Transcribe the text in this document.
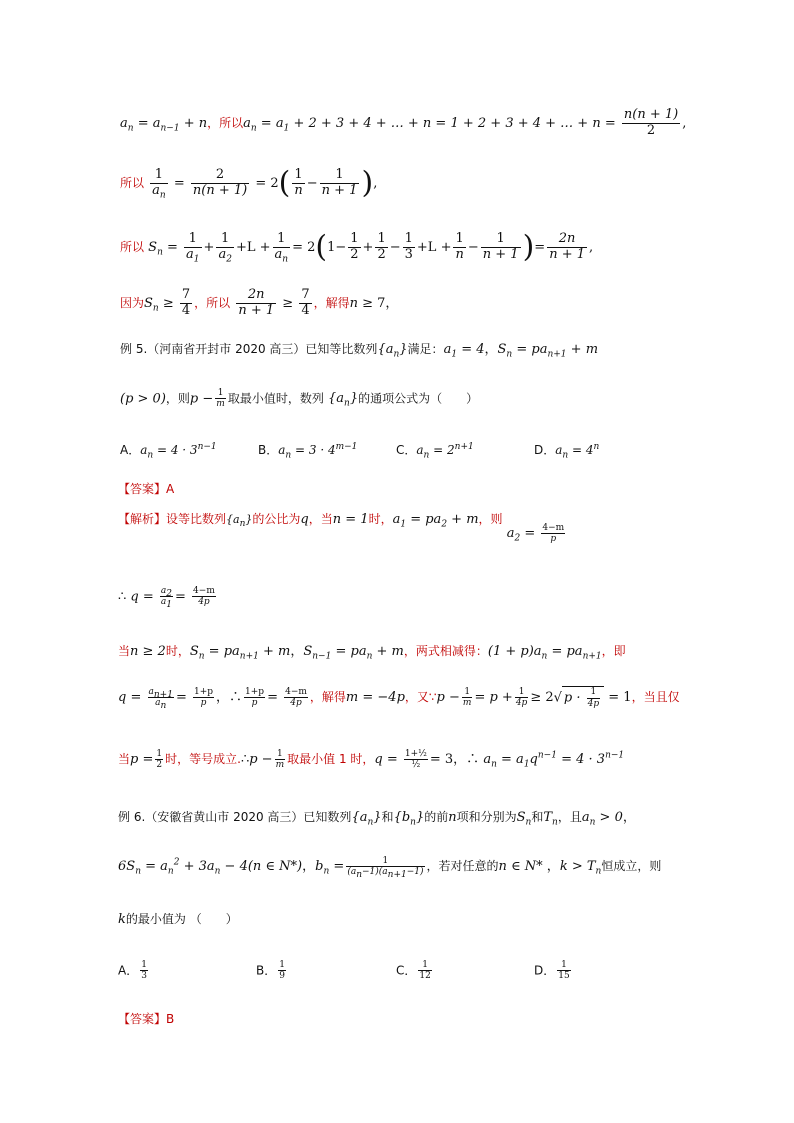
$a_n = a_{n-1} + n$，所以$a_n = a_1 + 2 + 3 + 4$ + … + n = 1 + 2 + 3 + 4 + … + $n = \frac{n(n + 1)}{2}$ ,
所以 $\frac{1}{a_n} = \frac{2}{n(n + 1)} = 2( \frac{1}{n} - \frac{1}{n + 1}$ ),
所以 $S_n = \frac{1}{a_1} + \frac{1}{a_2} +L + \frac{1}{a_n} = 2(1- \frac{1}{2} + \frac{1}{2} - \frac{1}{3} +L + \frac{1}{n} - \frac{1}{n + 1}$ )= $\frac{2n}{n + 1}$ ,
因为$S_n \ge \frac{7}{4}$ ，所以 $\frac{2n}{n + 1} \ge \frac{7}{4}$ ，解得n ≥ 7，
例 5.（河南省开封市 2020 高三）已知等比数列$\{a_n\}$满足：$a_1 = 4$，$S_n = pa_{n+1} + m$
(p > 0)，则$p - \frac{1}{m}$ 取最小值时，数列 $\{a_n\}$的通项公式为（　　）
A．$a_n = 4 \cdot 3^{n-1}$	B．$a_n = 3 \cdot 4^{m-1}$	C．$a_n = 2^{n+1}$	D．$a_n = 4^n$
【答案】A
【解析】设等比数列$\{a_n\}$的公比为q，当n = 1时，$a_1 = pa_2 + m$，则 $a_2 = \frac{4-m}{p}$
∴ $q = \frac{a_2}{a_1} = \frac{4-m}{4p}$
当n ≥ 2时，$S_n = pa_{n+1} + m$，$S_{n-1} = pa_n + m$，两式相减得：$(1 + p)a_n = pa_{n+1}$，即
$q = \frac{a_{n+1}}{a_n} = \frac{1+p}{p}$ ，∴ $\frac{1+p}{p} = \frac{4-m}{4p}$ ，解得m = −4p，又∵p − $\frac{1}{m} = p + \frac{1}{4p} \ge 2√$ $p \cdot \frac{1}{4p} = 1$，当且仅
当$p = \frac{1}{2}$ 时，等号成立.∴p − $\frac{1}{m}$ 取最小值 1 时，$q = \frac{\text{1+½}}{\text{½}} = 3$，∴ $a_n = a_1q^{n-1} = 4 \cdot 3^{n-1}$
例 6.（安徽省黄山市 2020 高三）已知数列$\{a_n\}$和$\{b_n\}$的前n项和分别为$S_n$和$T_n$，且$a_n > 0$，
$6S_n = a_n^2 + 3a_n - 4(n$ ∈ N*)，$b_n = \frac{1}{(a_n-1)(a_{n+1}-1)}$ ，若对任意的n ∈ N* ，$k > T_n$恒成立，则
k的最小值为 （　　）
A． $\frac{1}{3}$	B． $\frac{1}{9}$	C． $\frac{1}{12}$	D． $\frac{1}{15}$
【答案】B
